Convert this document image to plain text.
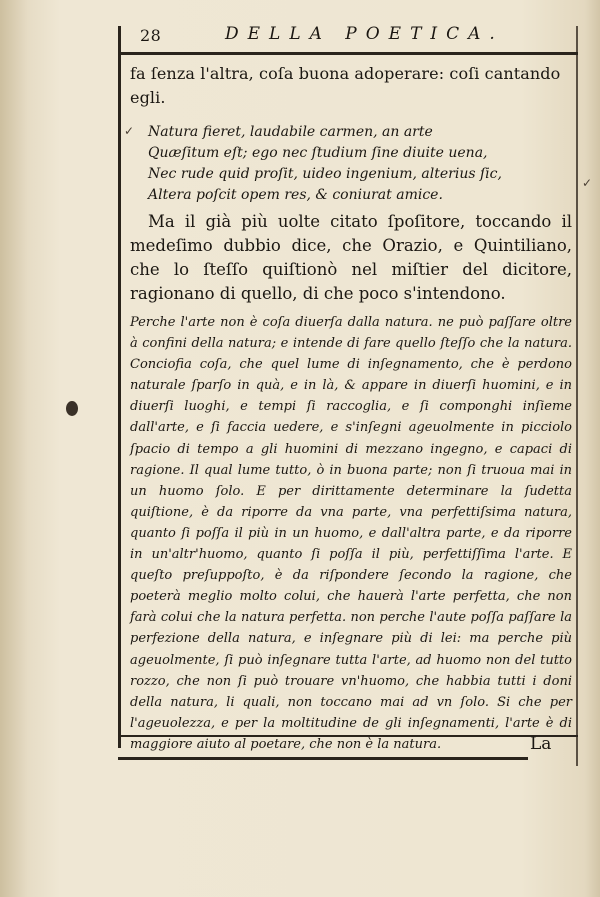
28	DELLA POETICA.

fa ſenza l'altra, coſa buona adoperare: coſi cantando egli.

Natura fieret, laudabile carmen, an arte
Quæſitum eſt; ego nec ſtudium ſine diuite uena,
Nec rude quid proſit, uideo ingenium, alterius ſic,
Altera poſcit opem res, & coniurat amice.

Ma il già più uolte citato ſpoſitore, toccando il medeſimo dubbio dice, che Orazio, e Quintiliano, che lo ſteſſo quiſtionò nel miſtier del dicitore, ragionano di quello, di che poco s'intendono.

Perche l'arte non è coſa diuerſa dalla natura. ne può paſſare oltre à confini della natura; e intende di fare quello ſteſſo che la natura. Conciofia coſa, che quel lume di inſegnamento, che è perdono naturale ſparſo in quà, e in là, & appare in diuerſi huomini, e in diuerſi luoghi, e tempi ſi raccoglia, e ſi componghi inſieme dall'arte, e ſi faccia uedere, e s'inſegni ageuolmente in picciolo ſpacio di tempo a gli huomini di mezzano ingegno, e capaci di ragione. Il qual lume tutto, ò in buona parte; non ſi truoua mai in un huomo ſolo. E per dirittamente determinare la ſudetta quiſtione, è da riporre da vna parte, vna perfettiſsima natura, quanto ſi poſſa il più in un huomo, e dall'altra parte, e da riporre in un'altr'huomo, quanto ſi poſſa il più, perfettiſſima l'arte. E queſto preſuppoſto, è da riſpondere ſecondo la ragione, che poeterà meglio molto colui, che hauerà l'arte perfetta, che non farà colui che la natura perfetta. non perche l'aute poſſa paſſare la perfezione della natura, e inſegnare più di lei: ma perche più ageuolmente, ſi può inſegnare tutta l'arte, ad huomo non del tutto rozzo, che non ſi può trouare vn'huomo, che habbia tutti i doni della natura, li quali, non toccano mai ad vn ſolo. Si che per l'ageuolezza, e per la moltitudine de gli inſegnamenti, l'arte è di maggiore aiuto al poetare, che non è la natura.	La
✓
✓
